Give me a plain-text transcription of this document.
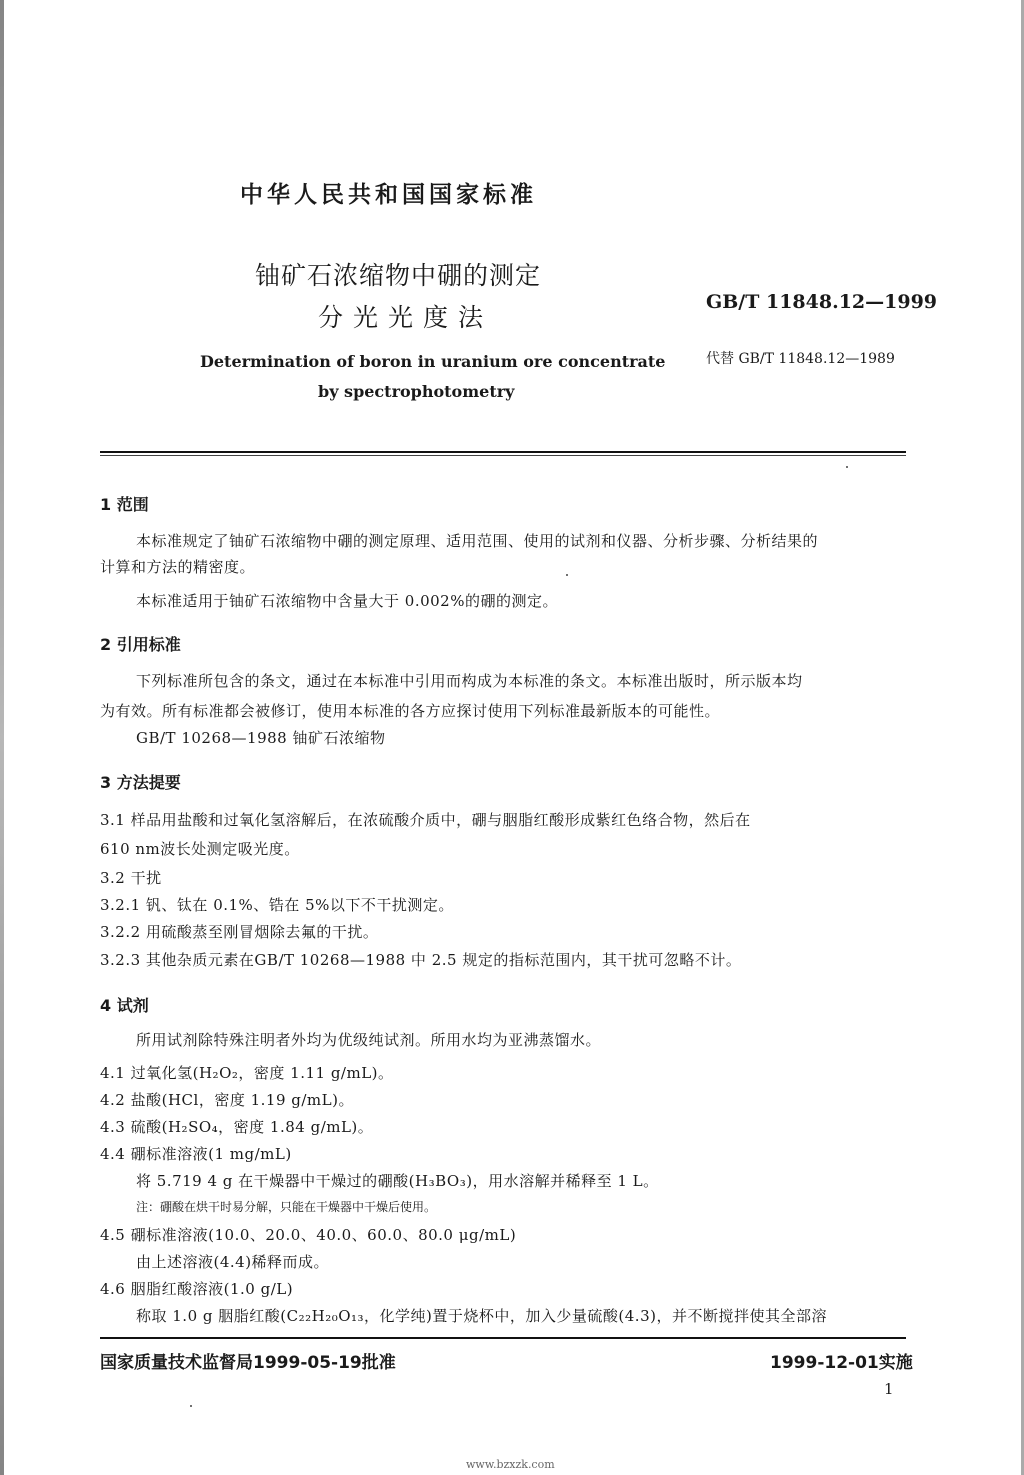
中华人民共和国国家标准
铀矿石浓缩物中硼的测定
分光光度法
GB/T 11848.12—1999
代替 GB/T 11848.12—1989
Determination of boron in uranium ore concentrate
by spectrophotometry
1 范围
本标准规定了铀矿石浓缩物中硼的测定原理、适用范围、使用的试剂和仪器、分析步骤、分析结果的
计算和方法的精密度。
本标准适用于铀矿石浓缩物中含量大于 0.002%的硼的测定。
2 引用标准
下列标准所包含的条文，通过在本标准中引用而构成为本标准的条文。本标准出版时，所示版本均
为有效。所有标准都会被修订，使用本标准的各方应探讨使用下列标准最新版本的可能性。
GB/T 10268—1988 铀矿石浓缩物
3 方法提要
3.1 样品用盐酸和过氧化氢溶解后，在浓硫酸介质中，硼与胭脂红酸形成紫红色络合物，然后在
610 nm波长处测定吸光度。
3.2 干扰
3.2.1 钒、钛在 0.1%、锆在 5%以下不干扰测定。
3.2.2 用硫酸蒸至刚冒烟除去氟的干扰。
3.2.3 其他杂质元素在GB/T 10268—1988 中 2.5 规定的指标范围内，其干扰可忽略不计。
4 试剂
所用试剂除特殊注明者外均为优级纯试剂。所用水均为亚沸蒸馏水。
4.1 过氧化氢(H₂O₂，密度 1.11 g/mL)。
4.2 盐酸(HCl，密度 1.19 g/mL)。
4.3 硫酸(H₂SO₄，密度 1.84 g/mL)。
4.4 硼标准溶液(1 mg/mL)
将 5.719 4 g 在干燥器中干燥过的硼酸(H₃BO₃)，用水溶解并稀释至 1 L。
注：硼酸在烘干时易分解，只能在干燥器中干燥后使用。
4.5 硼标准溶液(10.0、20.0、40.0、60.0、80.0 μg/mL)
由上述溶液(4.4)稀释而成。
4.6 胭脂红酸溶液(1.0 g/L)
称取 1.0 g 胭脂红酸(C₂₂H₂₀O₁₃，化学纯)置于烧杯中，加入少量硫酸(4.3)，并不断搅拌使其全部溶
国家质量技术监督局1999-05-19批准	1999-12-01实施
1
www.bzxzk.com
